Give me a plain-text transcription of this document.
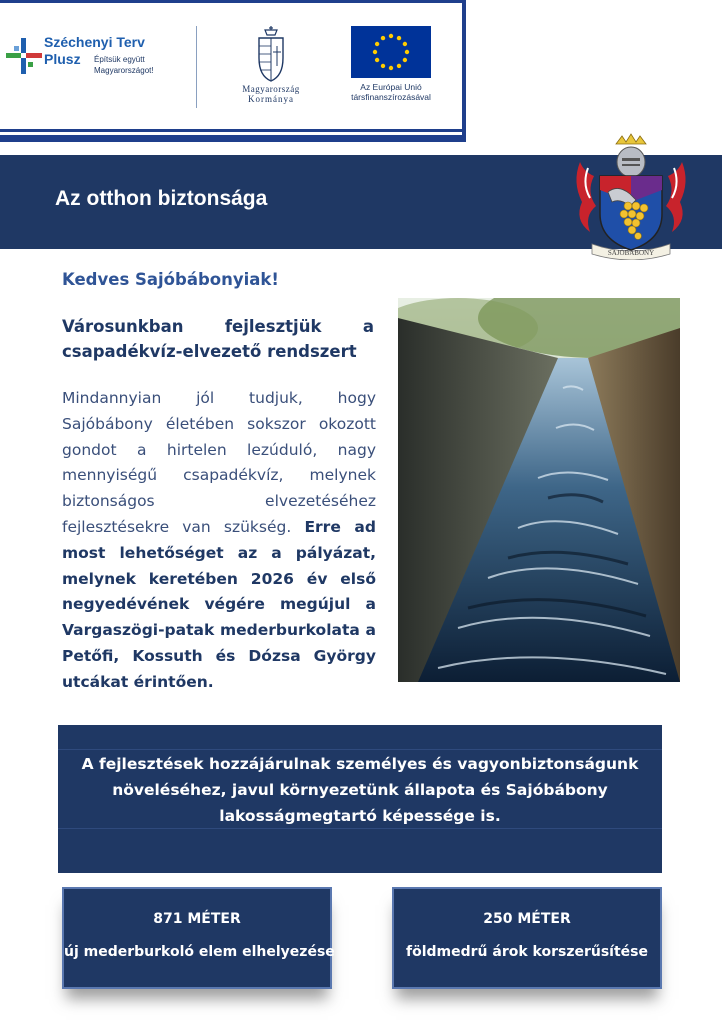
Széchenyi Terv
Plusz Építsük együtt
Magyarországot!
Magyarország
Kormánya
Az Európai Unió
társfinanszírozásával
Az otthon biztonsága
SAJÓBÁBONY
Kedves Sajóbábonyiak!
Városunkban fejlesztjük a
csapadékvíz-elvezető rendszert
Mindannyian jól tudjuk, hogy
Sajóbábony életében sokszor okozott
gondot a hirtelen lezúduló, nagy
mennyiségű csapadékvíz, melynek
biztonságos elvezetéséhez
fejlesztésekre van szükség. Erre ad
most lehetőséget az a pályázat,
melynek keretében 2026 év első
negyedévének végére megújul a
Vargaszögi-patak mederburkolata a
Petőfi, Kossuth és Dózsa György
utcákat érintően.

A fejlesztések hozzájárulnak személyes és vagyonbiztonságunk
növeléséhez, javul környezetünk állapota és Sajóbábony
lakosságmegtartó képessége is.

871 MÉTER
új mederburkoló elem elhelyezése
250 MÉTER
földmedrű árok korszerűsítése
